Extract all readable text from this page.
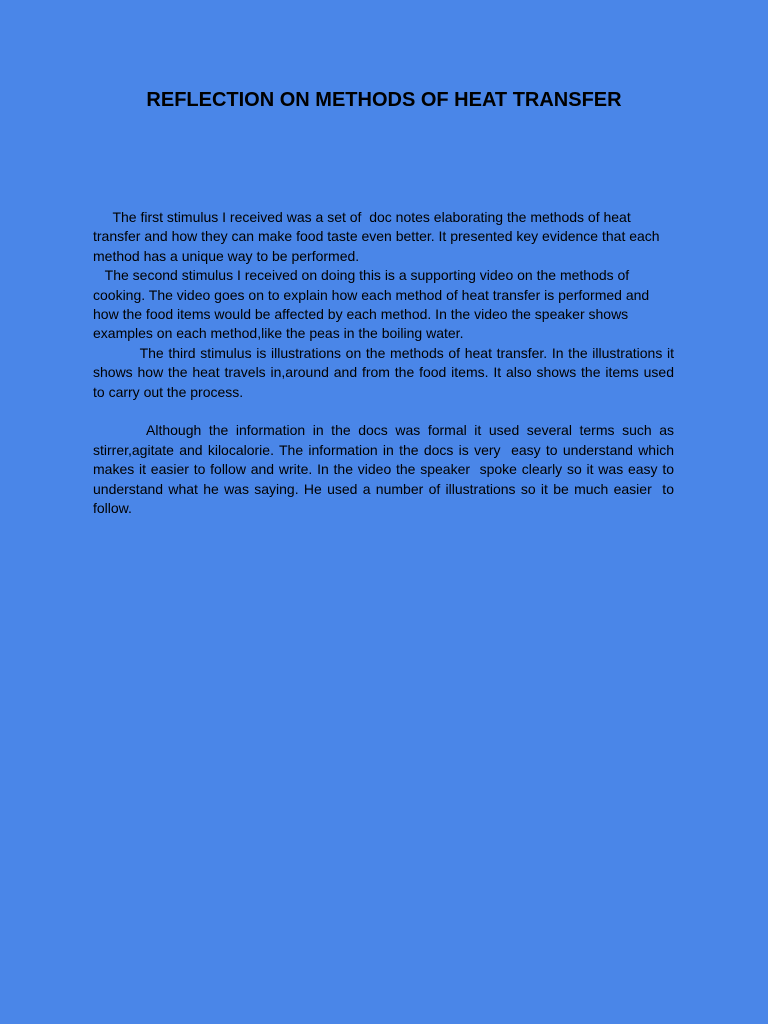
REFLECTION ON METHODS OF HEAT TRANSFER

The first stimulus I received was a set of  doc notes elaborating the methods of heat transfer and how they can make food taste even better. It presented key evidence that each method has a unique way to be performed.

The second stimulus I received on doing this is a supporting video on the methods of cooking. The video goes on to explain how each method of heat transfer is performed and how the food items would be affected by each method. In the video the speaker shows  examples on each method,like the peas in the boiling water.

The third stimulus is illustrations on the methods of heat transfer. In the illustrations it shows how the heat travels in,around and from the food items. It also shows the items used to carry out the process.

Although the information in the docs was formal it used several terms such as stirrer,agitate and kilocalorie. The information in the docs is very  easy to understand which makes it easier to follow and write. In the video the speaker  spoke clearly so it was easy to understand what he was saying. He used a number of illustrations so it be much easier  to follow.
